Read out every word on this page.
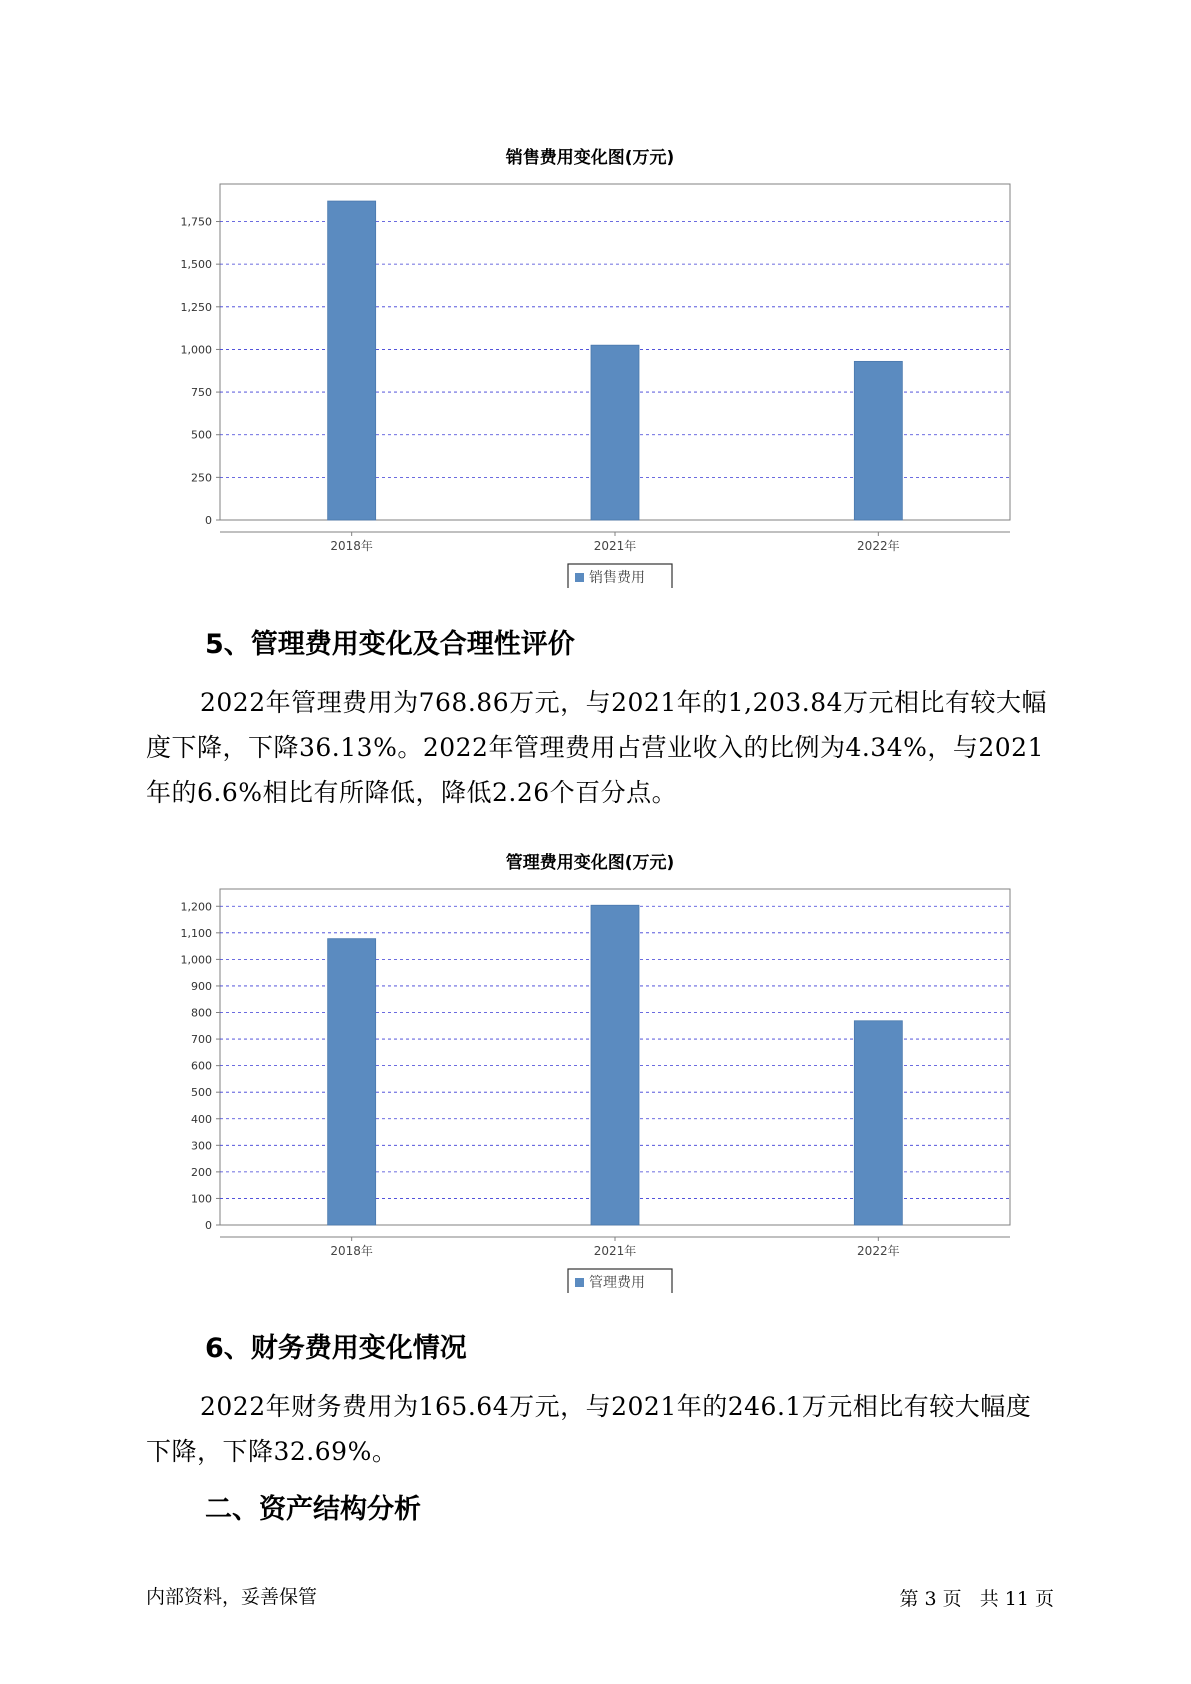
销售费用变化图(万元)
0
250
500
750
1,000
1,250
1,500
1,750
2018年	2021年	2022年
销售费用
5、管理费用变化及合理性评价

2022年管理费用为768.86万元，与2021年的1,203.84万元相比有较大幅度下降，下降36.13%。2022年管理费用占营业收入的比例为4.34%，与2021年的6.6%相比有所降低，降低2.26个百分点。

管理费用变化图(万元)
0
100
200
300
400
500
600
700
800
900
1,000
1,100
1,200
2018年	2021年	2022年
管理费用
6、财务费用变化情况

2022年财务费用为165.64万元，与2021年的246.1万元相比有较大幅度下降，下降32.69%。

二、资产结构分析
内部资料，妥善保管	第 3 页   共 11 页
